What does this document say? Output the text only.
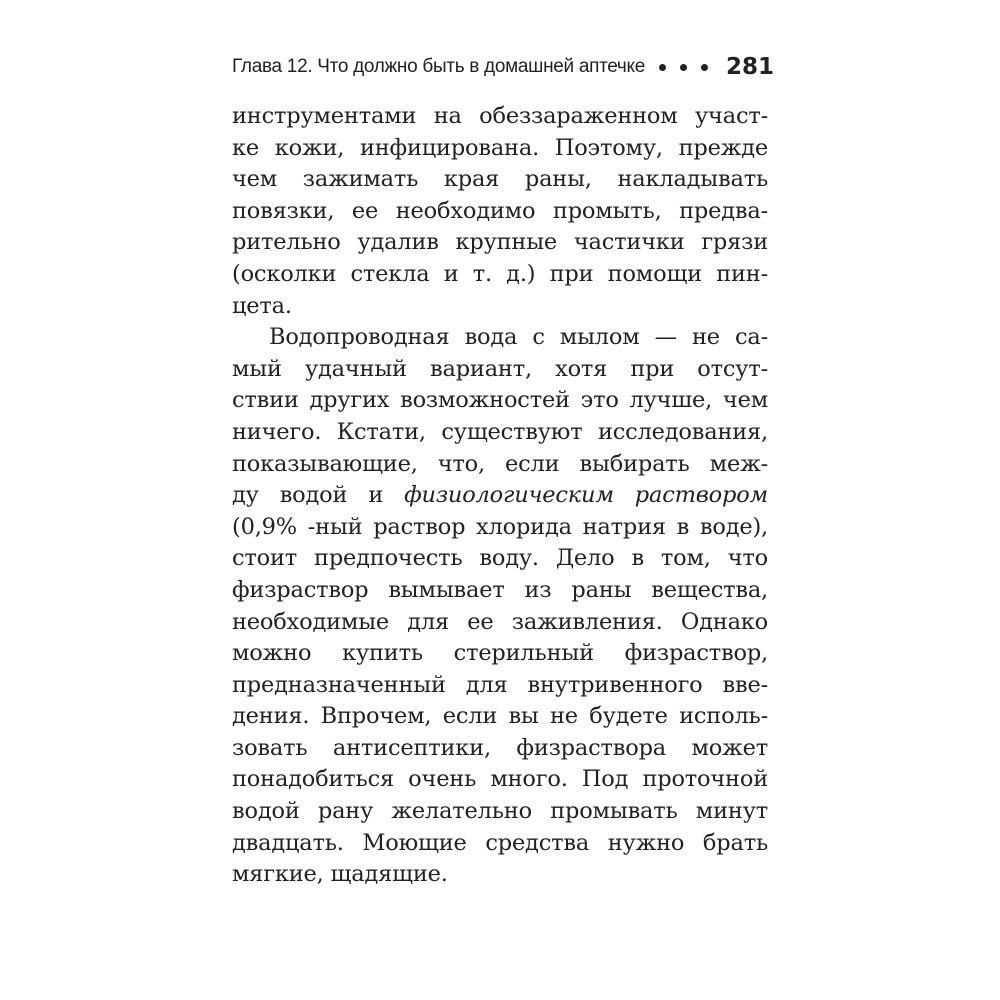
Глава 12. Что должно быть в домашней аптечке	281
инструментами на обеззараженном участ-
ке кожи, инфицирована. Поэтому, прежде
чем зажимать края раны, накладывать
повязки, ее необходимо промыть, предва-
рительно удалив крупные частички грязи
(осколки стекла и т. д.) при помощи пин-
цета.
Водопроводная вода с мылом — не са-
мый удачный вариант, хотя при отсут-
ствии других возможностей это лучше, чем
ничего. Кстати, существуют исследования,
показывающие, что, если выбирать меж-
ду водой и физиологическим раствором
(0,9% -ный раствор хлорида натрия в воде),
стоит предпочесть воду. Дело в том, что
физраствор вымывает из раны вещества,
необходимые для ее заживления. Однако
можно купить стерильный физраствор,
предназначенный для внутривенного вве-
дения. Впрочем, если вы не будете исполь-
зовать антисептики, физраствора может
понадобиться очень много. Под проточной
водой рану желательно промывать минут
двадцать. Моющие средства нужно брать
мягкие, щадящие.
